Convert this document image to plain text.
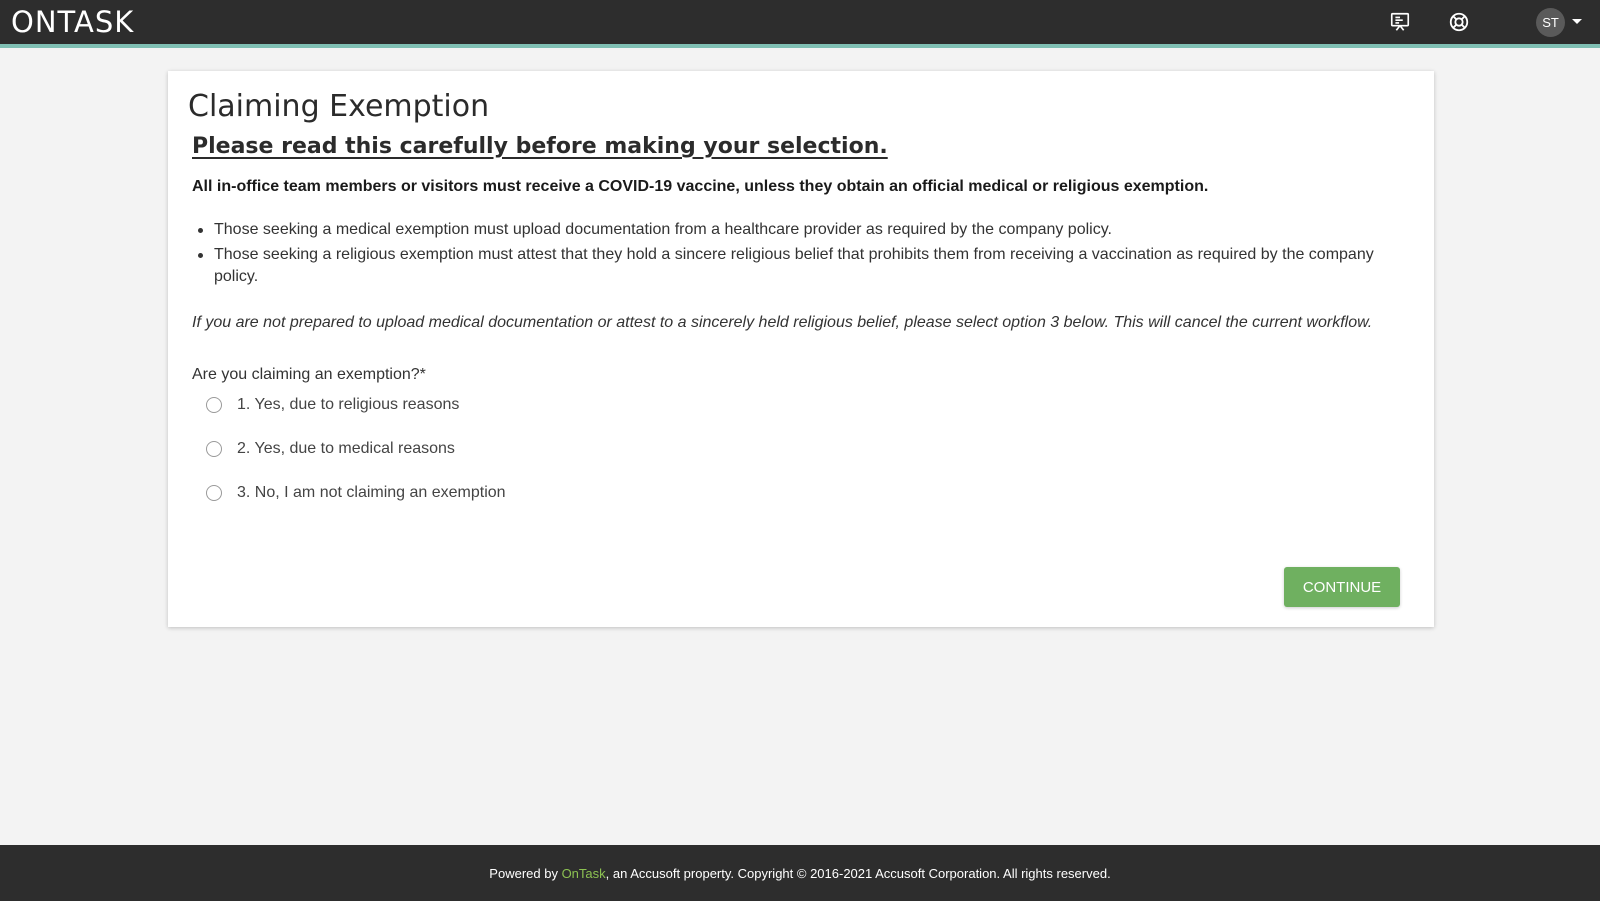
ONTASK	ST
Claiming Exemption
Please read this carefully before making your selection.

All in-office team members or visitors must receive a COVID-19 vaccine, unless they obtain an official medical or religious exemption.

Those seeking a medical exemption must upload documentation from a healthcare provider as required by the company policy.
Those seeking a religious exemption must attest that they hold a sincere religious belief that prohibits them from receiving a vaccination as required by the company policy.

If you are not prepared to upload medical documentation or attest to a sincerely held religious belief, please select option 3 below. This will cancel the current workflow.

Are you claiming an exemption?*
1. Yes, due to religious reasons
2. Yes, due to medical reasons
3. No, I am not claiming an exemption
CONTINUE
Powered by OnTask , an Accusoft property. Copyright © 2016-2021 Accusoft Corporation. All rights reserved.
